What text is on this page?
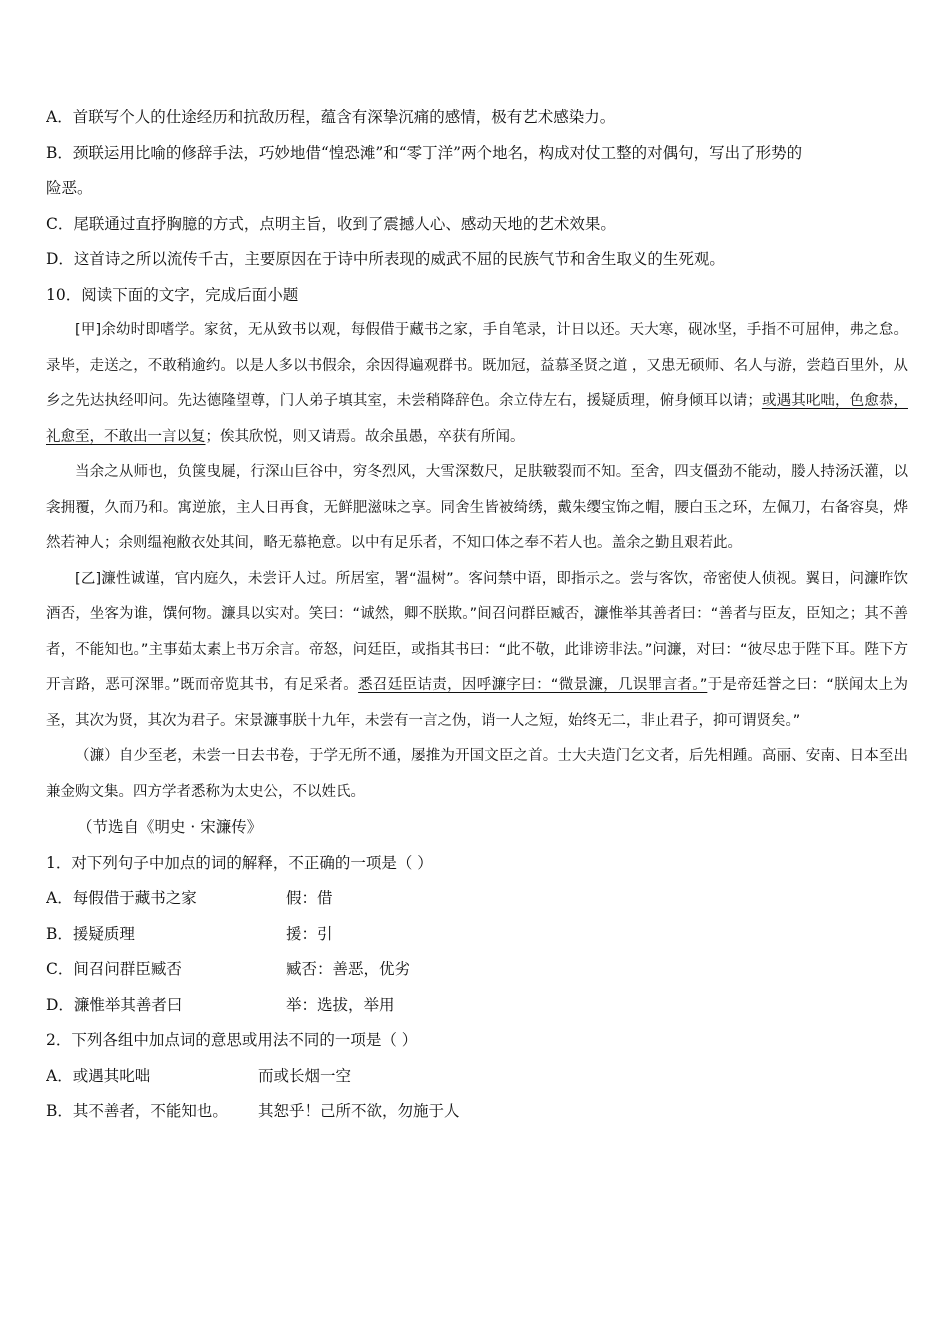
A．首联写个人的仕途经历和抗敌历程，蕴含有深挚沉痛的感情，极有艺术感染力。

B．颈联运用比喻的修辞手法，巧妙地借“惶恐滩”和“零丁洋”两个地名，构成对仗工整的对偶句，写出了形势的

险恶。

C．尾联通过直抒胸臆的方式，点明主旨，收到了震撼人心、感动天地的艺术效果。

D．这首诗之所以流传千古，主要原因在于诗中所表现的威武不屈的民族气节和舍生取义的生死观。

10．阅读下面的文字，完成后面小题

[甲]余幼时即嗜学。家贫，无从致书以观，每假借于藏书之家，手自笔录，计日以还。天大寒，砚冰坚，手指不可屈伸，弗之怠。录毕，走送之，不敢稍逾约。以是人多以书假余，余因得遍观群书。既加冠，益慕圣贤之道 ，又患无硕师、名人与游，尝趋百里外，从乡之先达执经叩问。先达德隆望尊，门人弟子填其室，未尝稍降辞色。余立侍左右，援疑质理，俯身倾耳以请；或遇其叱咄，色愈恭，礼愈至，不敢出一言以复；俟其欣悦，则又请焉。故余虽愚，卒获有所闻。

当余之从师也，负箧曳屣，行深山巨谷中，穷冬烈风，大雪深数尺，足肤皲裂而不知。至舍，四支僵劲不能动，媵人持汤沃灌，以衾拥覆，久而乃和。寓逆旅，主人日再食，无鲜肥滋味之享。同舍生皆被绮绣，戴朱缨宝饰之帽，腰白玉之环，左佩刀，右备容臭，烨然若神人；余则缊袍敝衣处其间，略无慕艳意。以中有足乐者，不知口体之奉不若人也。盖余之勤且艰若此。

[乙]濂性诚谨，官内庭久，未尝讦人过。所居室，署“温树”。客问禁中语，即指示之。尝与客饮，帝密使人侦视。翼日，问濂昨饮酒否，坐客为谁，馔何物。濂具以实对。笑曰：“诚然，卿不朕欺。”间召问群臣臧否，濂惟举其善者曰：“善者与臣友，臣知之；其不善者，不能知也。”主事茹太素上书万余言。帝怒，问廷臣，或指其书曰：“此不敬，此诽谤非法。”问濂，对曰：“彼尽忠于陛下耳。陛下方开言路，恶可深罪。”既而帝览其书，有足采者。悉召廷臣诘责，因呼濂字曰：“微景濂，几误罪言者。”于是帝廷誉之曰：“朕闻太上为圣，其次为贤，其次为君子。宋景濂事朕十九年，未尝有一言之伪，诮一人之短，始终无二，非止君子，抑可谓贤矣。”

（濂）自少至老，未尝一日去书卷，于学无所不通，屡推为开国文臣之首。士大夫造门乞文者，后先相踵。高丽、安南、日本至出兼金购文集。四方学者悉称为太史公，不以姓氏。

（节选自《明史 · 宋濂传》

1．对下列句子中加点的词的解释，不正确的一项是（ ）

A．每假借于藏书之家	假：借
B．援疑质理	援：引
C．间召问群臣臧否	臧否：善恶，优劣
D．濂惟举其善者曰	举：选拔，举用

2．下列各组中加点词的意思或用法不同的一项是（ ）

A．或遇其叱咄	而或长烟一空
B．其不善者，不能知也。	其恕乎！己所不欲，勿施于人
